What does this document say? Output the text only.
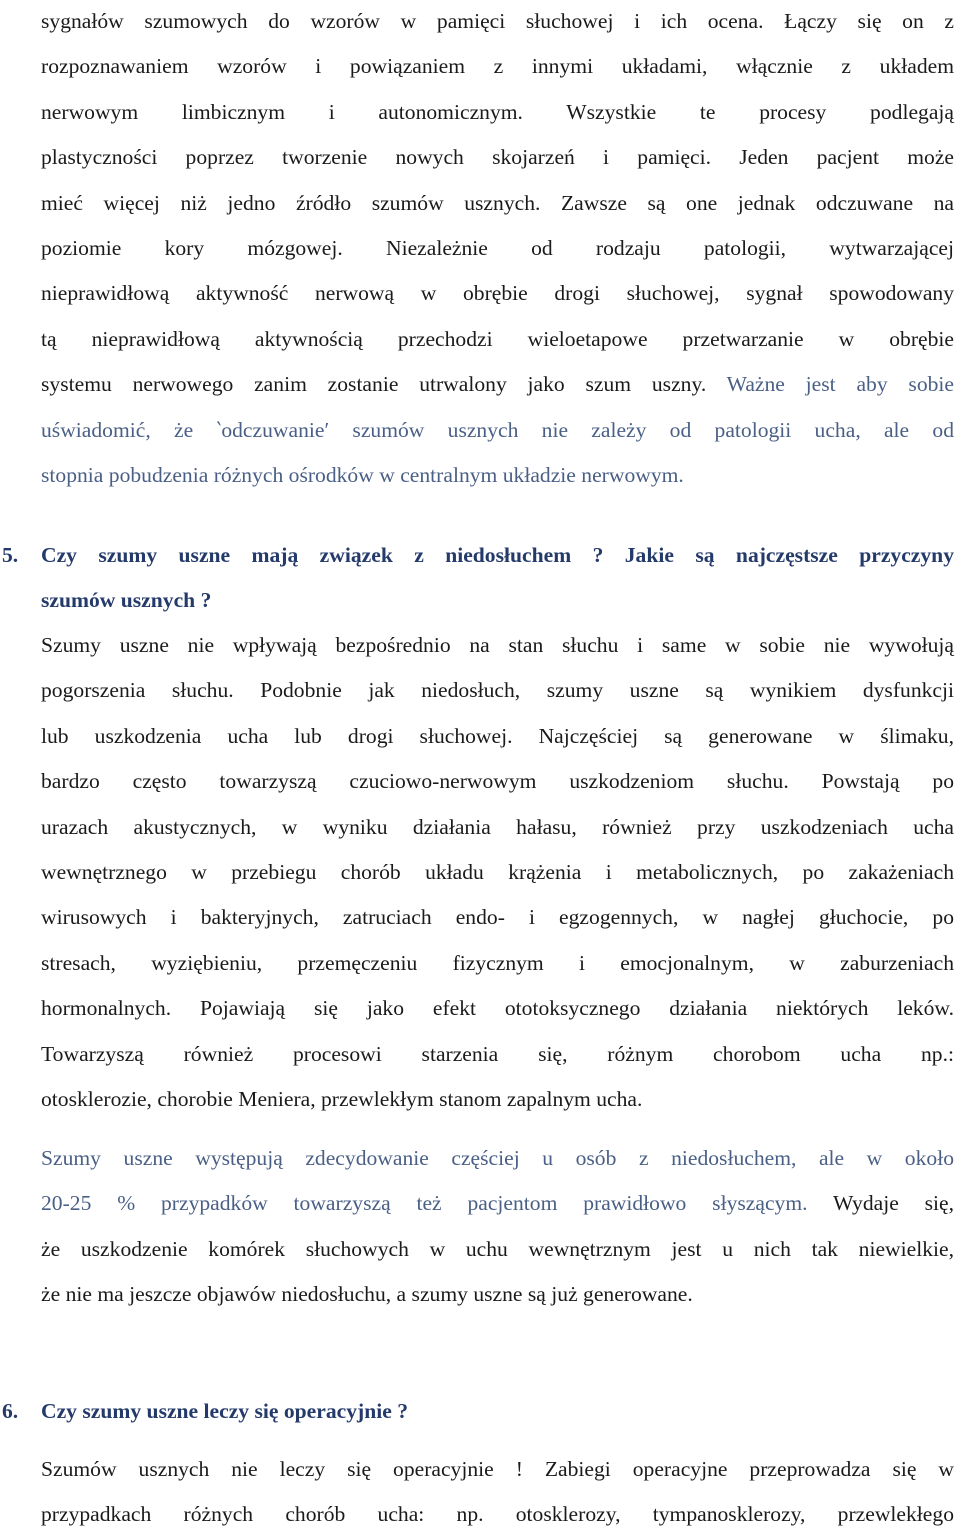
sygnałów szumowych do wzorów w pamięci słuchowej i ich ocena. Łączy się on z
rozpoznawaniem wzorów i powiązaniem z innymi układami, włącznie z układem
nerwowym limbicznym i autonomicznym. Wszystkie te procesy podlegają
plastyczności poprzez tworzenie nowych skojarzeń i pamięci. Jeden pacjent może
mieć więcej niż jedno źródło szumów usznych. Zawsze są one jednak odczuwane na
poziomie kory mózgowej. Niezależnie od rodzaju patologii, wytwarzającej
nieprawidłową aktywność nerwową w obrębie drogi słuchowej, sygnał spowodowany
tą nieprawidłową aktywnością przechodzi wieloetapowe przetwarzanie w obrębie
systemu nerwowego zanim zostanie utrwalony jako szum uszny. Ważne jest aby sobie
uświadomić, że ‵odczuwanie′ szumów usznych nie zależy od patologii ucha, ale od
stopnia pobudzenia różnych ośrodków w centralnym układzie nerwowym.
5.	Czy szumy uszne mają związek z niedosłuchem ? Jakie są najczęstsze przyczyny
szumów usznych ?
Szumy uszne nie wpływają bezpośrednio na stan słuchu i same w sobie nie wywołują
pogorszenia słuchu. Podobnie jak niedosłuch, szumy uszne są wynikiem dysfunkcji
lub uszkodzenia ucha lub drogi słuchowej. Najczęściej są generowane w ślimaku,
bardzo często towarzyszą czuciowo-nerwowym uszkodzeniom słuchu. Powstają po
urazach akustycznych, w wyniku działania hałasu, również przy uszkodzeniach ucha
wewnętrznego w przebiegu chorób układu krążenia i metabolicznych, po zakażeniach
wirusowych i bakteryjnych, zatruciach endo- i egzogennych, w nagłej głuchocie, po
stresach, wyziębieniu, przemęczeniu fizycznym i emocjonalnym, w zaburzeniach
hormonalnych. Pojawiają się jako efekt ototoksycznego działania niektórych leków.
Towarzyszą również procesowi starzenia się, różnym chorobom ucha np.:
otosklerozie, chorobie Meniera, przewlekłym stanom zapalnym ucha.
Szumy uszne występują zdecydowanie częściej u osób z niedosłuchem, ale w około
20-25 % przypadków towarzyszą też pacjentom prawidłowo słyszącym. Wydaje się,
że uszkodzenie komórek słuchowych w uchu wewnętrznym jest u nich tak niewielkie,
że nie ma jeszcze objawów niedosłuchu, a szumy uszne są już generowane.
6.	Czy szumy uszne leczy się operacyjnie ?
Szumów usznych nie leczy się operacyjnie ! Zabiegi operacyjne przeprowadza się w
przypadkach różnych chorób ucha: np. otosklerozy, tympanosklerozy, przewlekłego
